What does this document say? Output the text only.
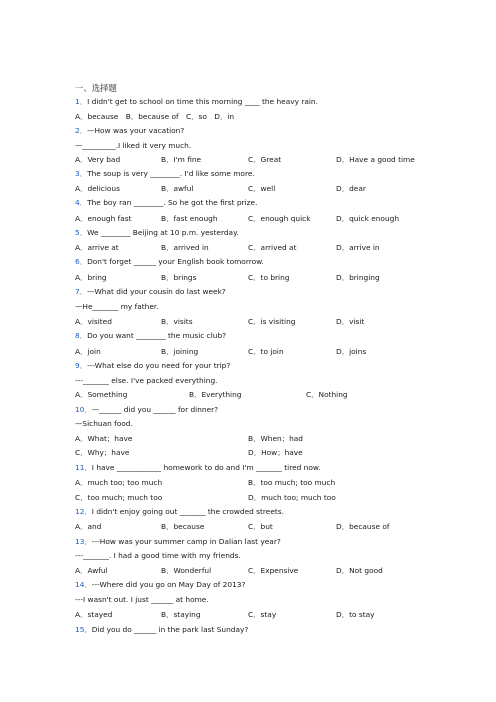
一、选择题
1．I didn't get to school on time this morning ____ the heavy rain.
A．because　B．because of　C．so　D．in
2．—How was your vacation?
—_________.I liked it very much.
A．Very bad	B．I'm fine	C．Great	D．Have a good time
3．The soup is very ________. I'd like some more.
A．delicious	B．awful	C．well	D．dear
4．The boy ran ________. So he got the first prize.
A．enough fast	B．fast enough	C．enough quick	D．quick enough
5．We ________ Beijing at 10 p.m. yesterday.
A．arrive at	B．arrived in	C．arrived at	D．arrive in
6．Don't forget ______ your English book tomorrow.
A．bring	B．brings	C．to bring	D．bringing
7．—What did your cousin do last week?
—He_______ my father.
A．visited	B．visits	C．is visiting	D．visit
8．Do you want ________ the music club?
A．join	B．joining	C．to join	D．joins
9．---What else do you need for your trip?
---_______ else. I've packed everything.
A．Something	B．Everything	C．Nothing
10．—______ did you ______ for dinner?
—Sichuan food.
A．What；have	B．When；had
C．Why；have	D．How；have
11．I have ____________ homework to do and I'm _______ tired now.
A．much too; too much	B．too much; too much
C．too much; much too	D．much too; much too
12．I didn't enjoy going out _______ the crowded streets.
A．and	B．because	C．but	D．because of
13．---How was your summer camp in Dalian last year?
---_______. I had a good time with my friends.
A．Awful	B．Wonderful	C．Expensive	D．Not good
14．---Where did you go on May Day of 2013?
---I wasn't out. I just ______ at home.
A．stayed	B．staying	C．stay	D．to stay
15．Did you do ______ in the park last Sunday?
